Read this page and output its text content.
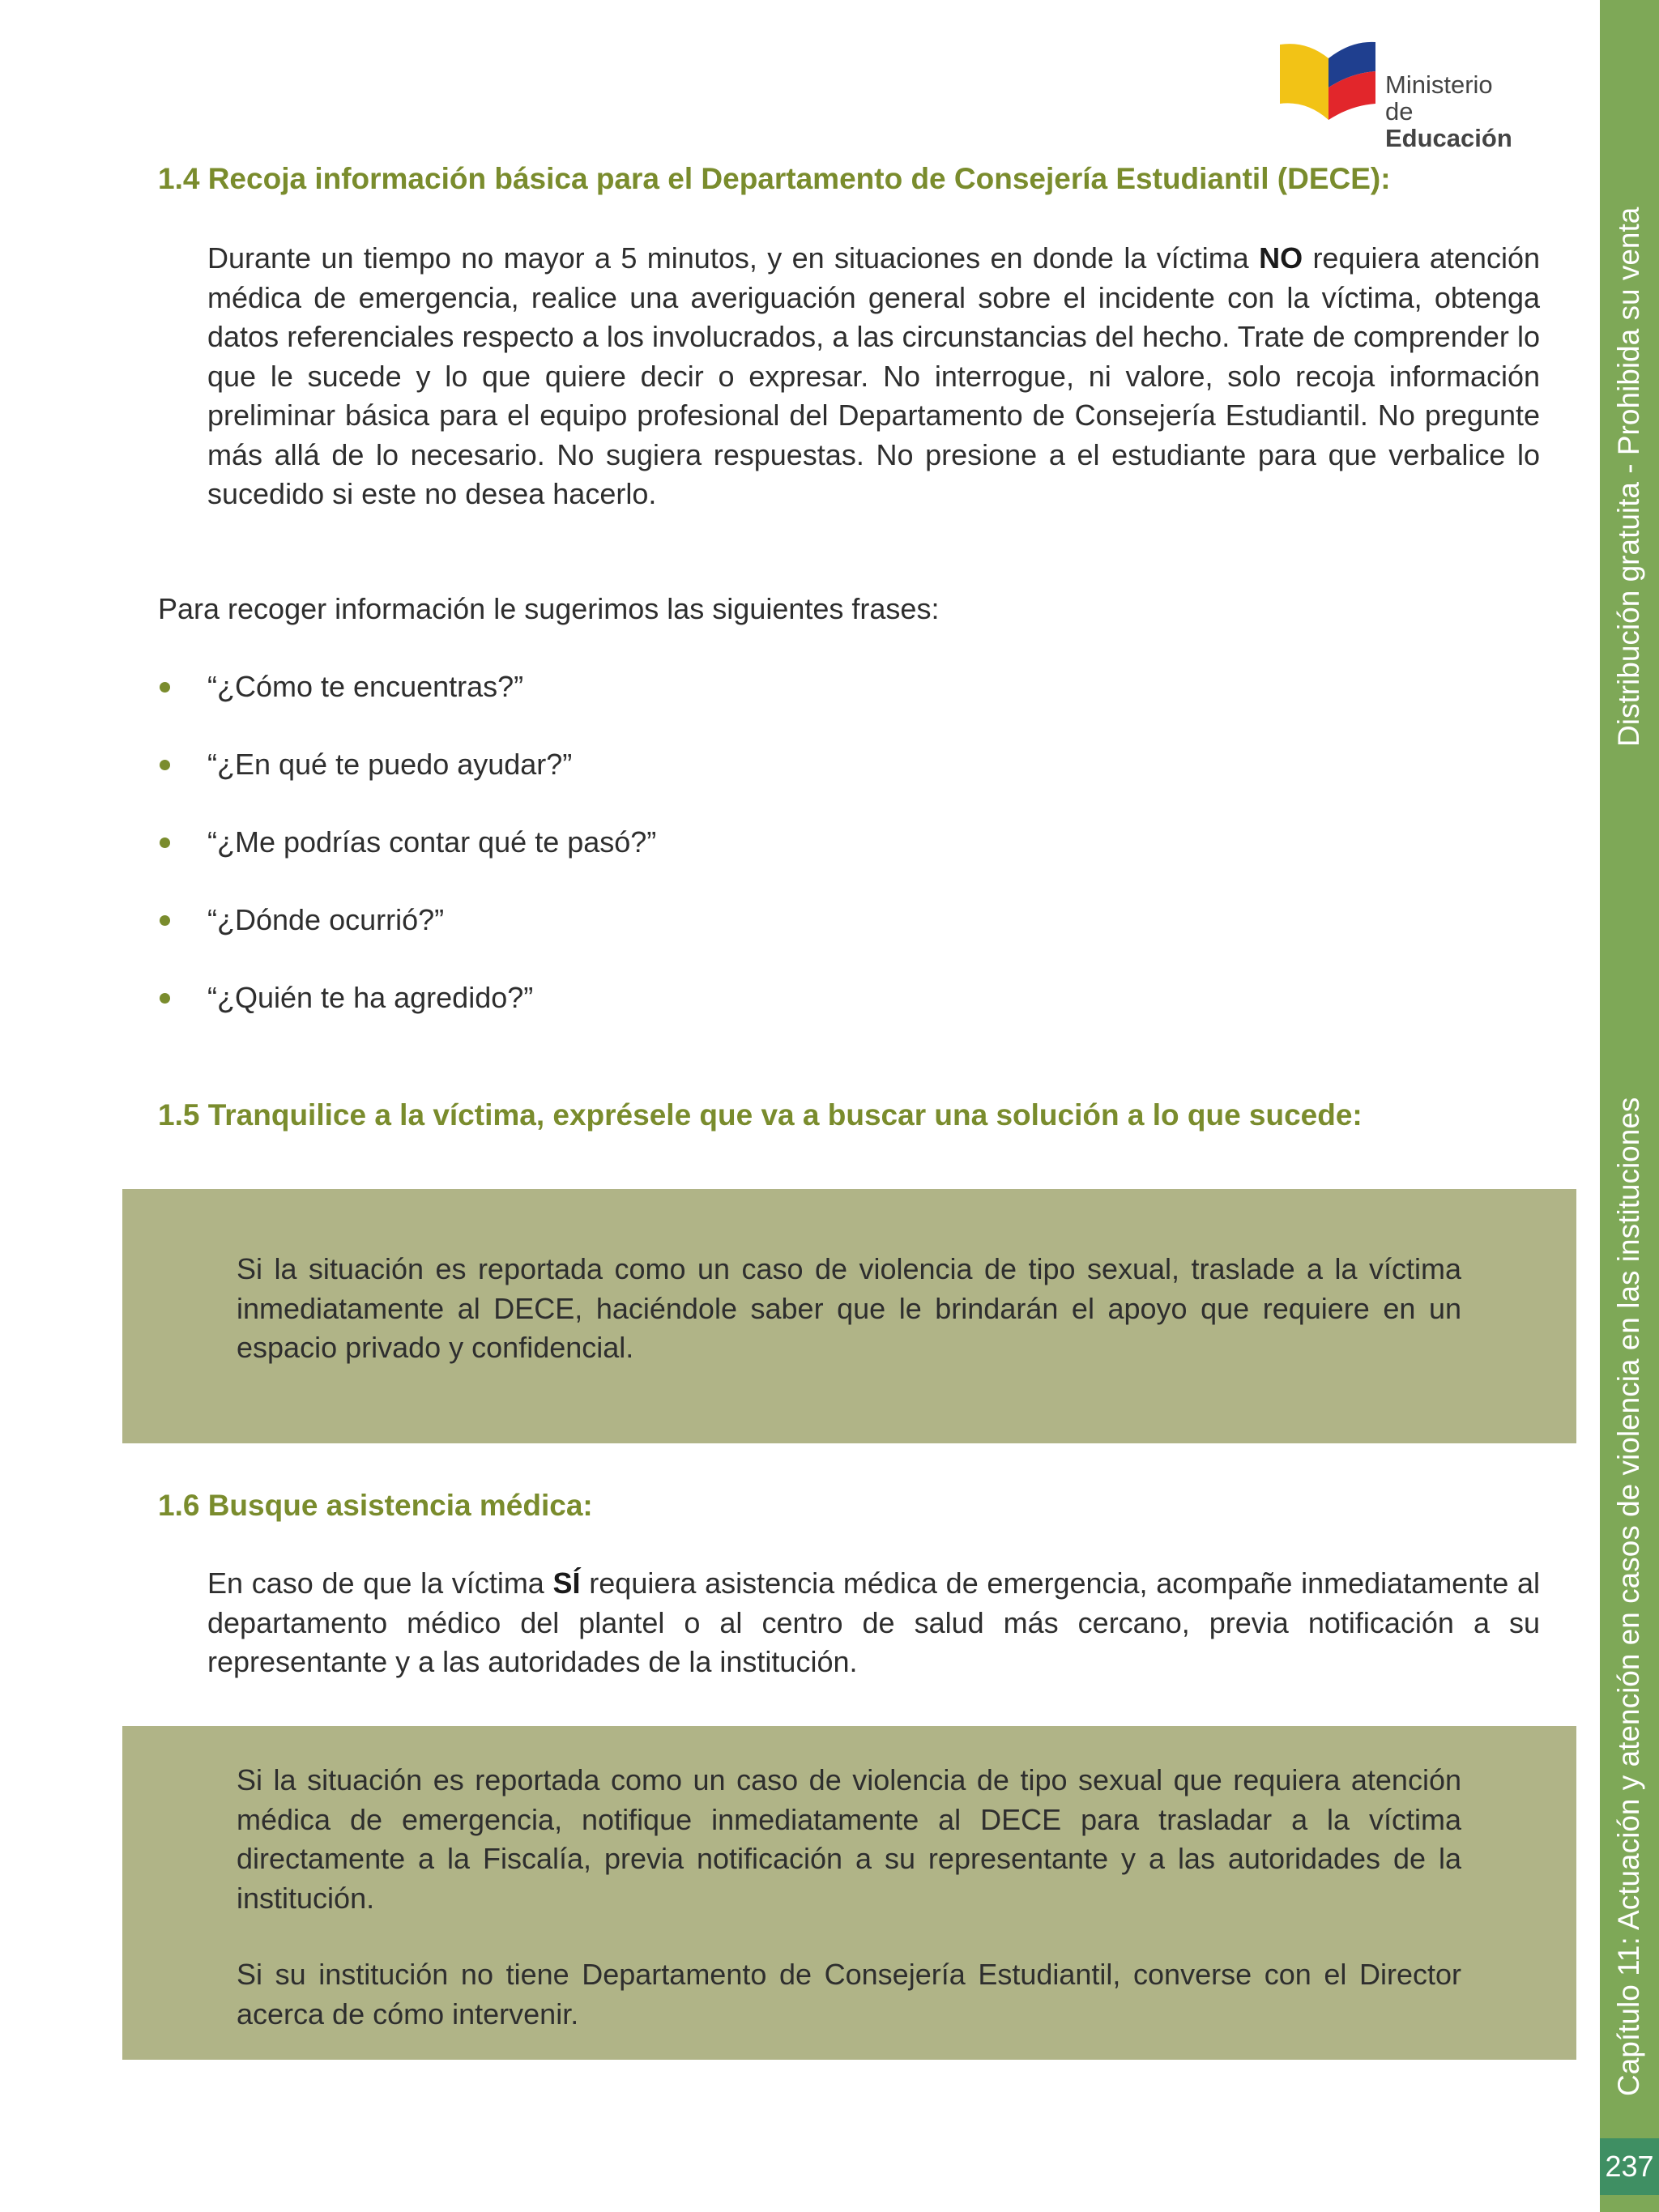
Distribución gratuita - Prohibida su venta
Capítulo 11: Actuación y atención en casos de violencia en las instituciones
237
Ministerio
de Educación
1.4 Recoja información básica para el Departamento de Consejería Estudiantil (DECE):

Durante un tiempo no mayor a 5 minutos, y en situaciones en donde la víctima NO requiera atención médica de emergencia, realice una averiguación general sobre el incidente con la víctima, obtenga datos referenciales respecto a los involucrados, a las circunstancias del hecho. Trate de comprender lo que le sucede y lo que quiere decir o expresar. No interrogue, ni valore, solo recoja información preliminar básica para el equipo profesional del Departamento de Consejería Estudiantil. No pregunte más allá de lo necesario. No sugiera respuestas. No presione a el estudiante para que verbalice lo sucedido si este no desea hacerlo.

Para recoger información le sugerimos las siguientes frases:
“¿Cómo te encuentras?”
“¿En qué te puedo ayudar?”
“¿Me podrías contar qué te pasó?”
“¿Dónde ocurrió?”
“¿Quién te ha agredido?”
1.5 Tranquilice a la víctima, exprésele que va a buscar una solución a lo que sucede:

Si la situación es reportada como un caso de violencia de tipo sexual, traslade a la víctima inmediatamente al DECE, haciéndole saber que le brindarán el apoyo que requiere en un espacio privado y confidencial.

1.6 Busque asistencia médica:

En caso de que la víctima SÍ requiera asistencia médica de emergencia, acompañe inmediatamente al departamento médico del plantel o al centro de salud más cercano, previa notificación a su representante y a las autoridades de la institución.

Si la situación es reportada como un caso de violencia de tipo sexual que requiera atención médica de emergencia, notifique inmediatamente al DECE para trasladar a la víctima directamente a la Fiscalía, previa notificación a su representante y a las autoridades de la institución.

Si su institución no tiene Departamento de Consejería Estudiantil, converse con el Director acerca de cómo intervenir.
